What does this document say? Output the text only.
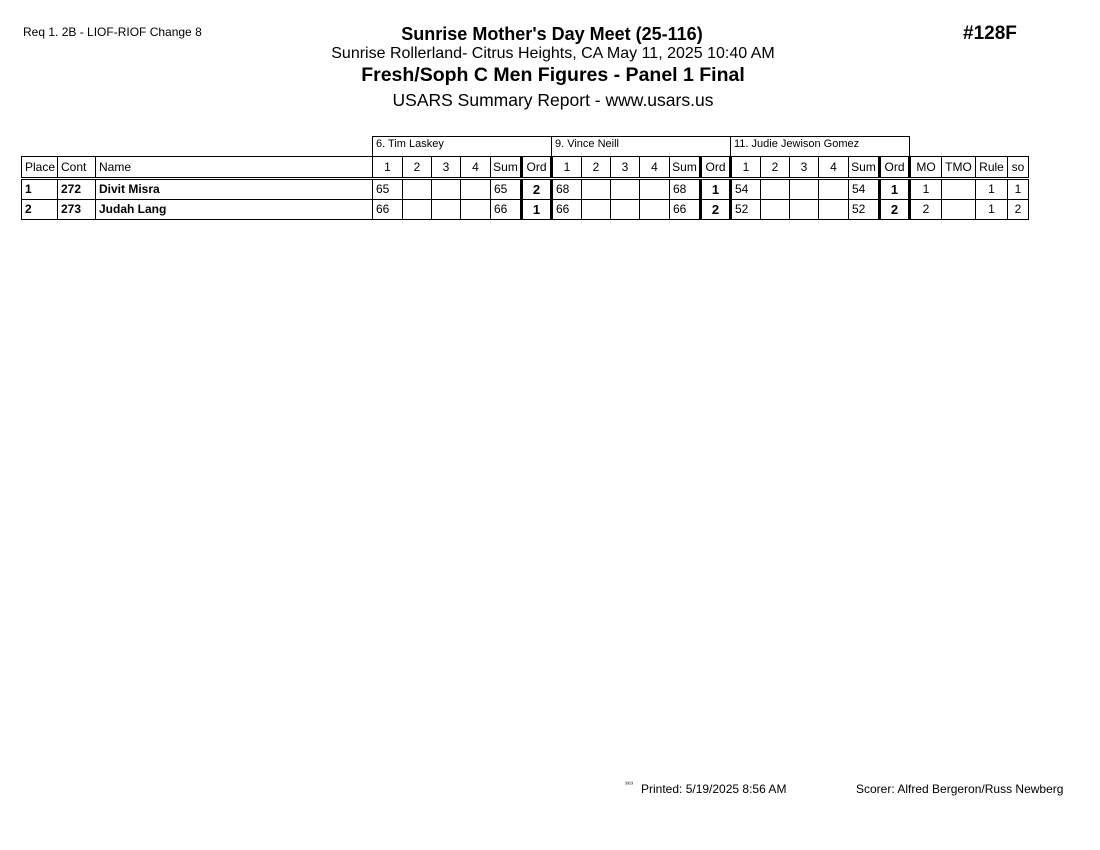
Req 1. 2B - LIOF-RIOF Change 8	#128F
Sunrise Mother's Day Meet (25-116)
Sunrise Rollerland- Citrus Heights, CA May 11, 2025 10:40 AM
Fresh/Soph C Men Figures - Panel 1 Final
USARS Summary Report - www.usars.us
			6. Tim Laskey						9. Vince Neill						11. Judie Jewison Gomez									
Place	Cont	Name	1	2	3	4	Sum	Ord	1	2	3	4	Sum	Ord	1	2	3	4	Sum	Ord	MO	TMO	Rule	so
1	272	Divit Misra	65				65	2	68				68	1	54				54	1	1		1	1
2	273	Judah Lang	66				66	1	66				66	2	52				52	2	2		1	2
$^{^{3313}}$ Printed: 5/19/2025 8:56 AM	Scorer: Alfred Bergeron/Russ Newberg
